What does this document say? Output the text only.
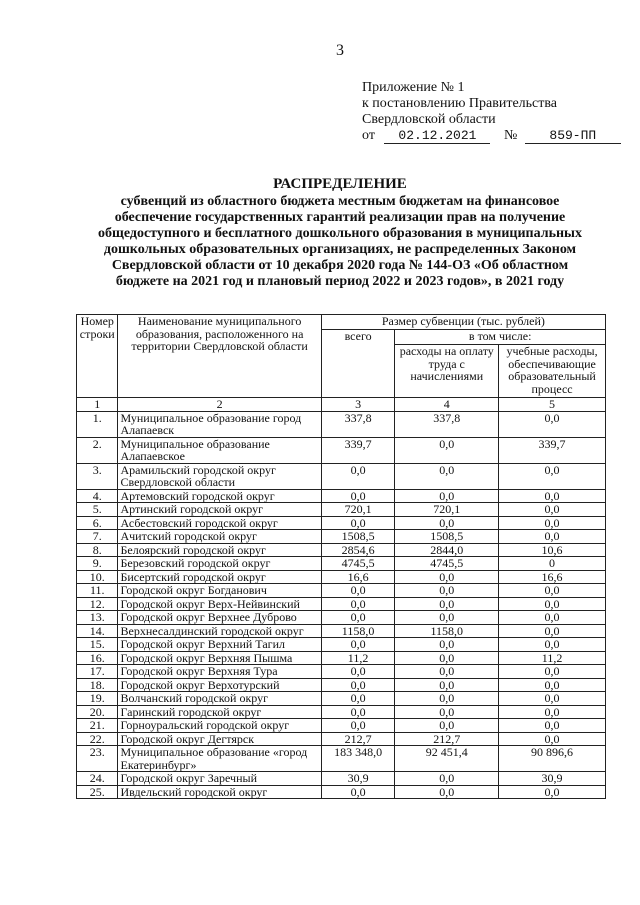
3
Приложение № 1
к постановлению Правительства
Свердловской области
от 02.12.2021 № 859-ПП
РАСПРЕДЕЛЕНИЕ
субвенций из областного бюджета местным бюджетам на финансовое
обеспечение государственных гарантий реализации прав на получение
общедоступного и бесплатного дошкольного образования в муниципальных
дошкольных образовательных организациях, не распределенных Законом
Свердловской области от 10 декабря 2020 года № 144-ОЗ «Об областном
бюджете на 2021 год и плановый период 2022 и 2023 годов», в 2021 году
Номер строки	Наименование муниципального образования, расположенного на территории Свердловской области	Размер субвенции (тыс. рублей)		
		всего	в том числе:	
			расходы на оплату труда с начислениями	учебные расходы, обеспечивающие образовательный процесс
1	2	3	4	5
1.	Муниципальное образование город Алапаевск	337,8	337,8	0,0
2.	Муниципальное образование Алапаевское	339,7	0,0	339,7
3.	Арамильский городской округ Свердловской области	0,0	0,0	0,0
4.	Артемовский городской округ	0,0	0,0	0,0
5.	Артинский городской округ	720,1	720,1	0,0
6.	Асбестовский городской округ	0,0	0,0	0,0
7.	Ачитский городской округ	1508,5	1508,5	0,0
8.	Белоярский городской округ	2854,6	2844,0	10,6
9.	Березовский городской округ	4745,5	4745,5	0
10.	Бисертский городской округ	16,6	0,0	16,6
11.	Городской округ Богданович	0,0	0,0	0,0
12.	Городской округ Верх-Нейвинский	0,0	0,0	0,0
13.	Городской округ Верхнее Дуброво	0,0	0,0	0,0
14.	Верхнесалдинский городской округ	1158,0	1158,0	0,0
15.	Городской округ Верхний Тагил	0,0	0,0	0,0
16.	Городской округ Верхняя Пышма	11,2	0,0	11,2
17.	Городской округ Верхняя Тура	0,0	0,0	0,0
18.	Городской округ Верхотурский	0,0	0,0	0,0
19.	Волчанский городской округ	0,0	0,0	0,0
20.	Гаринский городской округ	0,0	0,0	0,0
21.	Горноуральский городской округ	0,0	0,0	0,0
22.	Городской округ Дегтярск	212,7	212,7	0,0
23.	Муниципальное образование «город Екатеринбург»	183 348,0	92 451,4	90 896,6
24.	Городской округ Заречный	30,9	0,0	30,9
25.	Ивдельский городской округ	0,0	0,0	0,0
